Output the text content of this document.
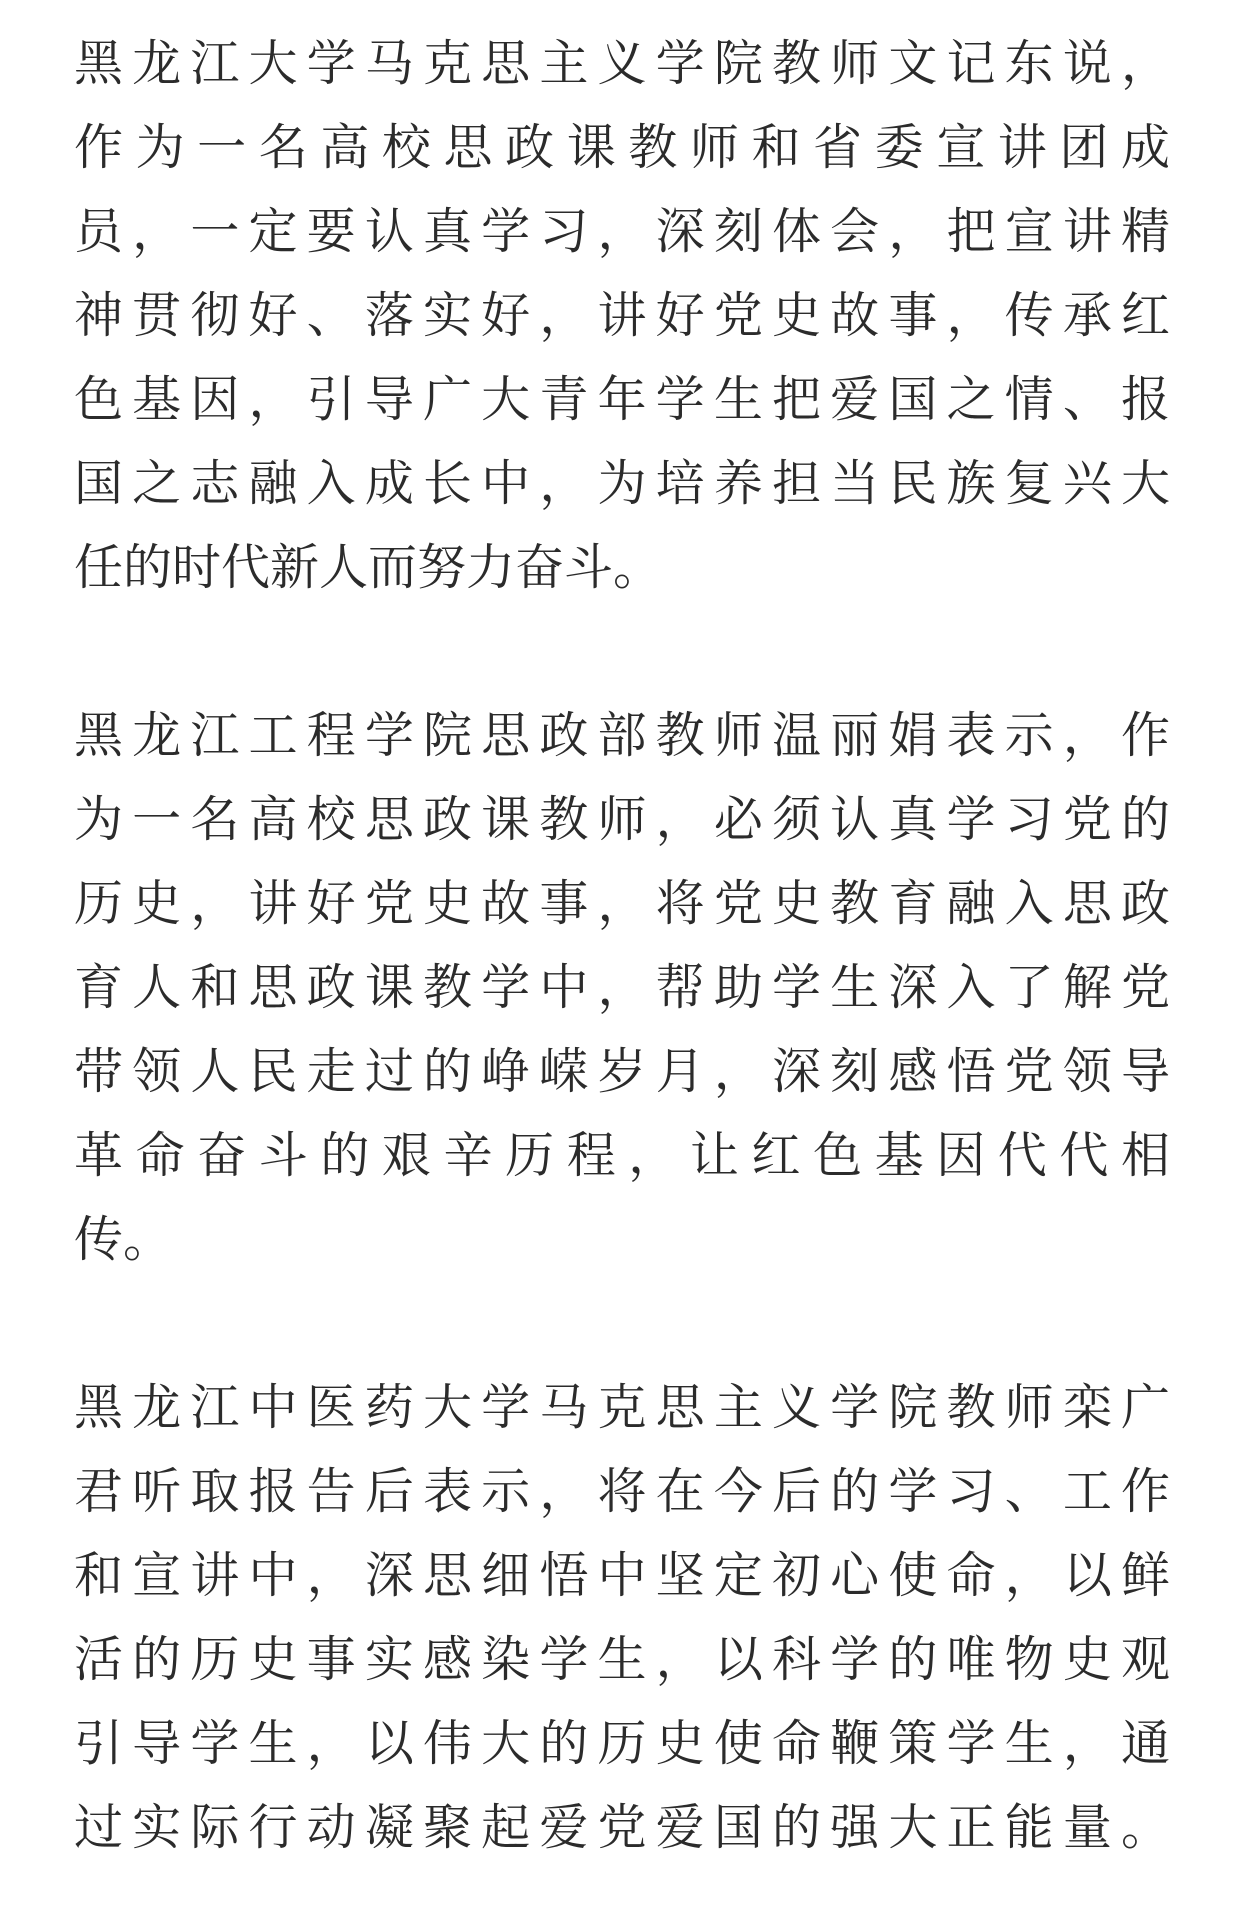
黑龙江大学马克思主义学院教师文记东说，
作为一名高校思政课教师和省委宣讲团成
员，一定要认真学习，深刻体会，把宣讲精
神贯彻好、落实好，讲好党史故事，传承红
色基因，引导广大青年学生把爱国之情、报
国之志融入成长中，为培养担当民族复兴大
任的时代新人而努力奋斗。
黑龙江工程学院思政部教师温丽娟表示，作
为一名高校思政课教师，必须认真学习党的
历史，讲好党史故事，将党史教育融入思政
育人和思政课教学中，帮助学生深入了解党
带领人民走过的峥嵘岁月，深刻感悟党领导
革命奋斗的艰辛历程，让红色基因代代相
传。
黑龙江中医药大学马克思主义学院教师栾广
君听取报告后表示，将在今后的学习、工作
和宣讲中，深思细悟中坚定初心使命，以鲜
活的历史事实感染学生，以科学的唯物史观
引导学生，以伟大的历史使命鞭策学生，通
过实际行动凝聚起爱党爱国的强大正能量。
